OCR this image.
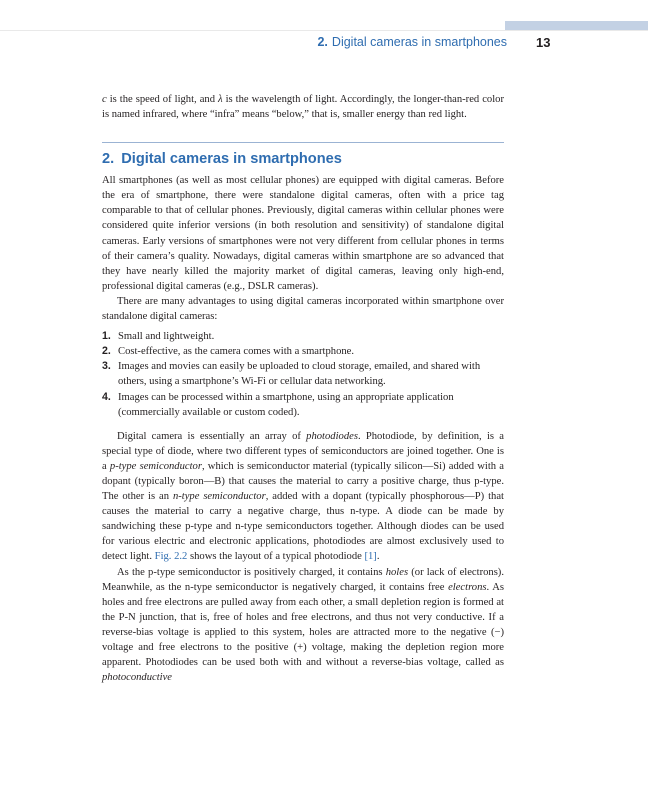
2. Digital cameras in smartphones 13

c is the speed of light, and λ is the wavelength of light. Accordingly, the longer-than-red color is named infrared, where “infra” means “below,” that is, smaller energy than red light.

2. Digital cameras in smartphones

All smartphones (as well as most cellular phones) are equipped with digital cameras. Before the era of smartphone, there were standalone digital cameras, often with a price tag comparable to that of cellular phones. Previously, digital cameras within cellular phones were considered quite inferior versions (in both resolution and sensitivity) of standalone digital cameras. Early versions of smartphones were not very different from cellular phones in terms of their camera’s quality. Nowadays, digital cameras within smartphone are so advanced that they have nearly killed the majority market of digital cameras, leaving only high-end, professional digital cameras (e.g., DSLR cameras).

There are many advantages to using digital cameras incorporated within smartphone over standalone digital cameras:

1. Small and lightweight.
2. Cost-effective, as the camera comes with a smartphone.
3. Images and movies can easily be uploaded to cloud storage, emailed, and shared with others, using a smartphone’s Wi-Fi or cellular data networking.
4. Images can be processed within a smartphone, using an appropriate application (commercially available or custom coded).

Digital camera is essentially an array of photodiodes. Photodiode, by definition, is a special type of diode, where two different types of semiconductors are joined together. One is a p-type semiconductor, which is semiconductor material (typically silicon—Si) added with a dopant (typically boron—B) that causes the material to carry a positive charge, thus p-type. The other is an n-type semiconductor, added with a dopant (typically phosphorous—P) that causes the material to carry a negative charge, thus n-type. A diode can be made by sandwiching these p-type and n-type semiconductors together. Although diodes can be used for various electric and electronic applications, photodiodes are almost exclusively used to detect light. Fig. 2.2 shows the layout of a typical photodiode [1].

As the p-type semiconductor is positively charged, it contains holes (or lack of electrons). Meanwhile, as the n-type semiconductor is negatively charged, it contains free electrons. As holes and free electrons are pulled away from each other, a small depletion region is formed at the P-N junction, that is, free of holes and free electrons, and thus not very conductive. If a reverse-bias voltage is applied to this system, holes are attracted more to the negative (−) voltage and free electrons to the positive (+) voltage, making the depletion region more apparent. Photodiodes can be used both with and without a reverse-bias voltage, called as photoconductive
